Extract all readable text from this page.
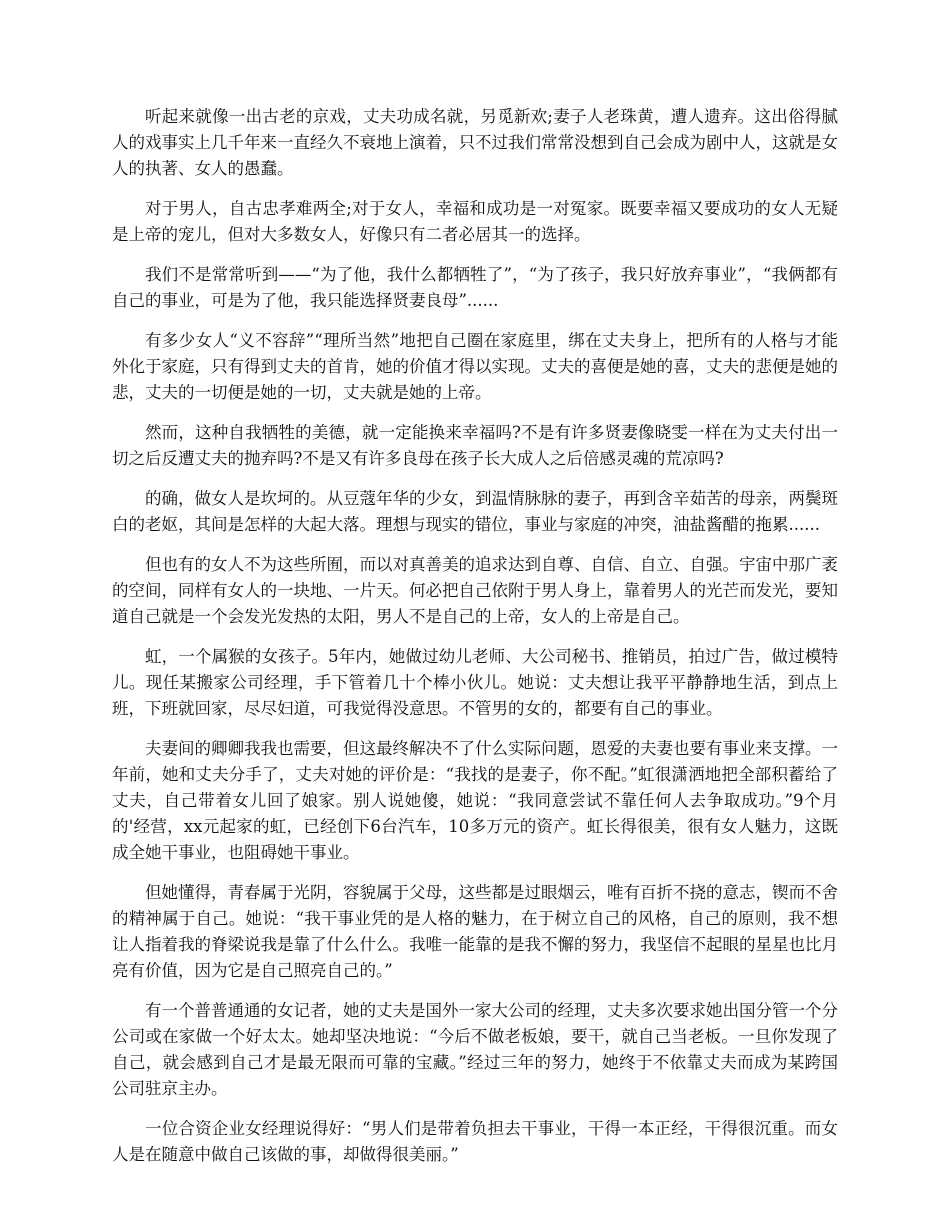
听起来就像一出古老的京戏，丈夫功成名就，另觅新欢;妻子人老珠黄，遭人遗弃。这出俗得腻人的戏事实上几千年来一直经久不衰地上演着，只不过我们常常没想到自己会成为剧中人，这就是女人的执著、女人的愚蠢。

对于男人，自古忠孝难两全;对于女人，幸福和成功是一对冤家。既要幸福又要成功的女人无疑是上帝的宠儿，但对大多数女人，好像只有二者必居其一的选择。

我们不是常常听到——“为了他，我什么都牺牲了”，“为了孩子，我只好放弃事业”，“我俩都有自己的事业，可是为了他，我只能选择贤妻良母”......

有多少女人“义不容辞”“理所当然”地把自己圈在家庭里，绑在丈夫身上，把所有的人格与才能外化于家庭，只有得到丈夫的首肯，她的价值才得以实现。丈夫的喜便是她的喜，丈夫的悲便是她的悲，丈夫的一切便是她的一切，丈夫就是她的上帝。

然而，这种自我牺牲的美德，就一定能换来幸福吗?不是有许多贤妻像晓雯一样在为丈夫付出一切之后反遭丈夫的抛弃吗?不是又有许多良母在孩子长大成人之后倍感灵魂的荒凉吗?

的确，做女人是坎坷的。从豆蔻年华的少女，到温情脉脉的妻子，再到含辛茹苦的母亲，两鬓斑白的老妪，其间是怎样的大起大落。理想与现实的错位，事业与家庭的冲突，油盐酱醋的拖累......

但也有的女人不为这些所囿，而以对真善美的追求达到自尊、自信、自立、自强。宇宙中那广袤的空间，同样有女人的一块地、一片天。何必把自己依附于男人身上，靠着男人的光芒而发光，要知道自己就是一个会发光发热的太阳，男人不是自己的上帝，女人的上帝是自己。

虹，一个属猴的女孩子。5年内，她做过幼儿老师、大公司秘书、推销员，拍过广告，做过模特儿。现任某搬家公司经理，手下管着几十个棒小伙儿。她说：丈夫想让我平平静静地生活，到点上班，下班就回家，尽尽妇道，可我觉得没意思。不管男的女的，都要有自己的事业。

夫妻间的卿卿我我也需要，但这最终解决不了什么实际问题，恩爱的夫妻也要有事业来支撑。一年前，她和丈夫分手了，丈夫对她的评价是：“我找的是妻子，你不配。”虹很潇洒地把全部积蓄给了丈夫，自己带着女儿回了娘家。别人说她傻，她说：“我同意尝试不靠任何人去争取成功。”9个月的'经营，xx元起家的虹，已经创下6台汽车，10多万元的资产。虹长得很美，很有女人魅力，这既成全她干事业，也阻碍她干事业。

但她懂得，青春属于光阴，容貌属于父母，这些都是过眼烟云，唯有百折不挠的意志，锲而不舍的精神属于自己。她说：“我干事业凭的是人格的魅力，在于树立自己的风格，自己的原则，我不想让人指着我的脊梁说我是靠了什么什么。我唯一能靠的是我不懈的努力，我坚信不起眼的星星也比月亮有价值，因为它是自己照亮自己的。”

有一个普普通通的女记者，她的丈夫是国外一家大公司的经理，丈夫多次要求她出国分管一个分公司或在家做一个好太太。她却坚决地说：“今后不做老板娘，要干，就自己当老板。一旦你发现了自己，就会感到自己才是最无限而可靠的宝藏。”经过三年的努力，她终于不依靠丈夫而成为某跨国公司驻京主办。

一位合资企业女经理说得好：“男人们是带着负担去干事业，干得一本正经，干得很沉重。而女人是在随意中做自己该做的事，却做得很美丽。”
